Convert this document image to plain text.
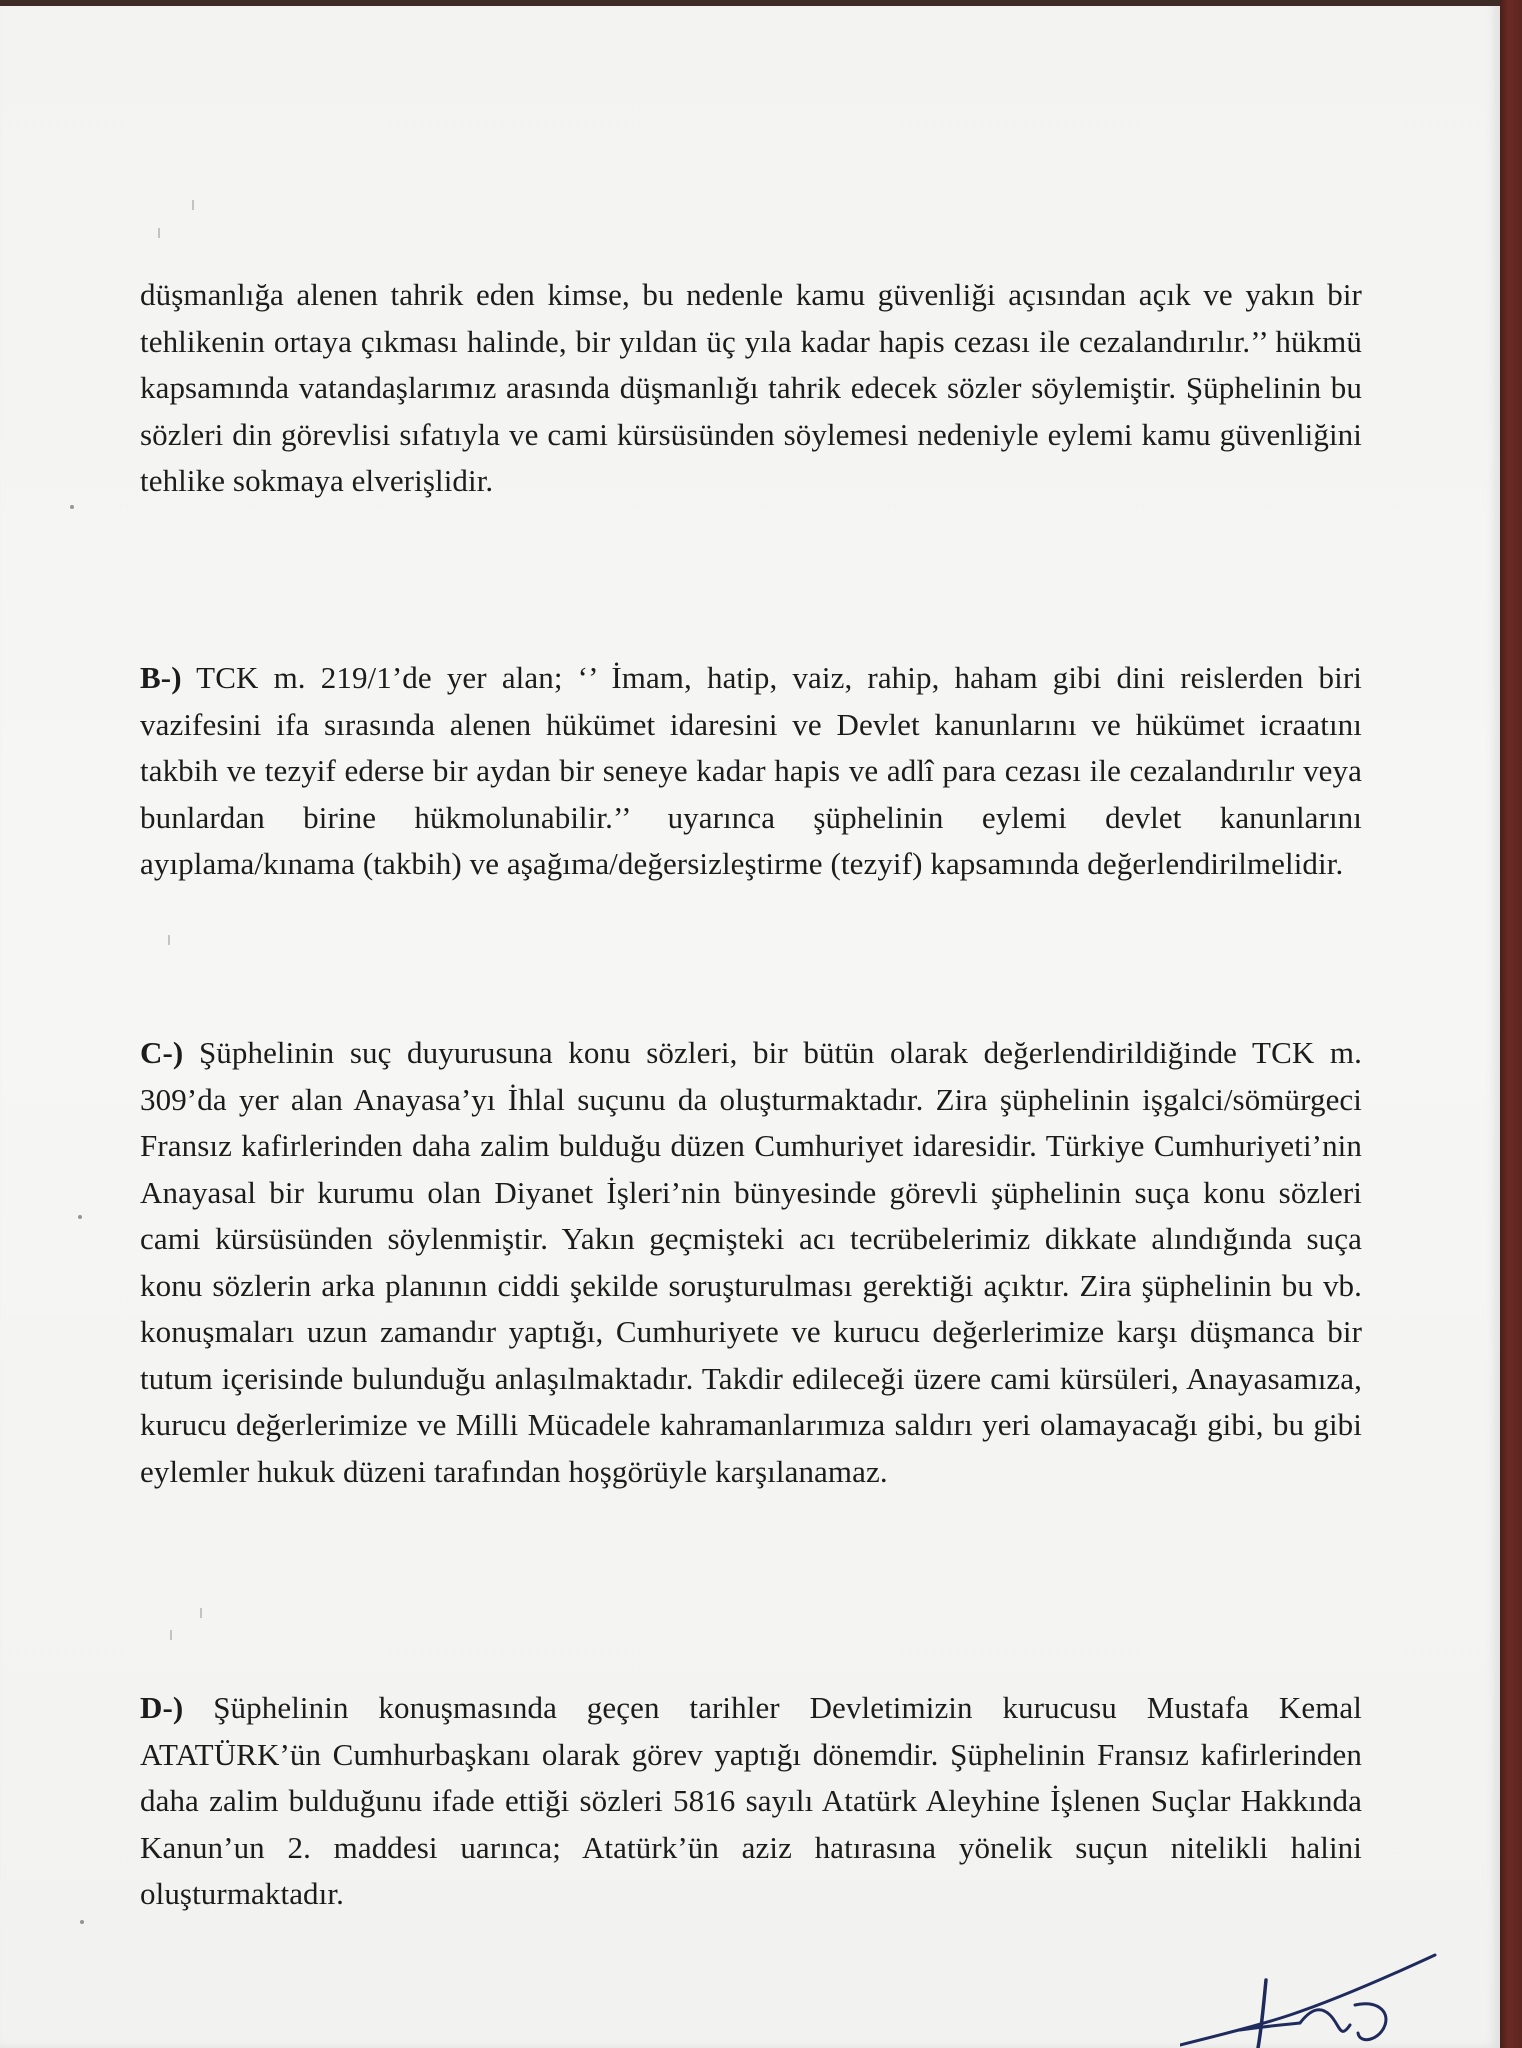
düşmanlığa alenen tahrik eden kimse, bu nedenle kamu güvenliği açısından açık ve yakın bir tehlikenin ortaya çıkması halinde, bir yıldan üç yıla kadar hapis cezası ile cezalandırılır.’’ hükmü kapsamında vatandaşlarımız arasında düşmanlığı tahrik edecek sözler söylemiştir. Şüphelinin bu sözleri din görevlisi sıfatıyla ve cami kürsüsünden söylemesi nedeniyle eylemi kamu güvenliğini tehlike sokmaya elverişlidir.

B-) TCK m. 219/1’de yer alan; ‘’ İmam, hatip, vaiz, rahip, haham gibi dini reislerden biri vazifesini ifa sırasında alenen hükümet idaresini ve Devlet kanunlarını ve hükümet icraatını takbih ve tezyif ederse bir aydan bir seneye kadar hapis ve adlî para cezası ile cezalandırılır veya bunlardan birine hükmolunabilir.’’ uyarınca şüphelinin eylemi devlet kanunlarını ayıplama/kınama (takbih) ve aşağıma/değersizleştirme (tezyif) kapsamında değerlendirilmelidir.

C-) Şüphelinin suç duyurusuna konu sözleri, bir bütün olarak değerlendirildiğinde TCK m. 309’da yer alan Anayasa’yı İhlal suçunu da oluşturmaktadır. Zira şüphelinin işgalci/sömürgeci Fransız kafirlerinden daha zalim bulduğu düzen Cumhuriyet idaresidir. Türkiye Cumhuriyeti’nin Anayasal bir kurumu olan Diyanet İşleri’nin bünyesinde görevli şüphelinin suça konu sözleri cami kürsüsünden söylenmiştir. Yakın geçmişteki acı tecrübelerimiz dikkate alındığında suça konu sözlerin arka planının ciddi şekilde soruşturulması gerektiği açıktır. Zira şüphelinin bu vb. konuşmaları uzun zamandır yaptığı, Cumhuriyete ve kurucu değerlerimize karşı düşmanca bir tutum içerisinde bulunduğu anlaşılmaktadır. Takdir edileceği üzere cami kürsüleri, Anayasamıza, kurucu değerlerimize ve Milli Mücadele kahramanlarımıza saldırı yeri olamayacağı gibi, bu gibi eylemler hukuk düzeni tarafından hoşgörüyle karşılanamaz.

D-) Şüphelinin konuşmasında geçen tarihler Devletimizin kurucusu Mustafa Kemal ATATÜRK’ün Cumhurbaşkanı olarak görev yaptığı dönemdir. Şüphelinin Fransız kafirlerinden daha zalim bulduğunu ifade ettiği sözleri 5816 sayılı Atatürk Aleyhine İşlenen Suçlar Hakkında Kanun’un 2. maddesi uarınca; Atatürk’ün aziz hatırasına yönelik suçun nitelikli halini oluşturmaktadır.
